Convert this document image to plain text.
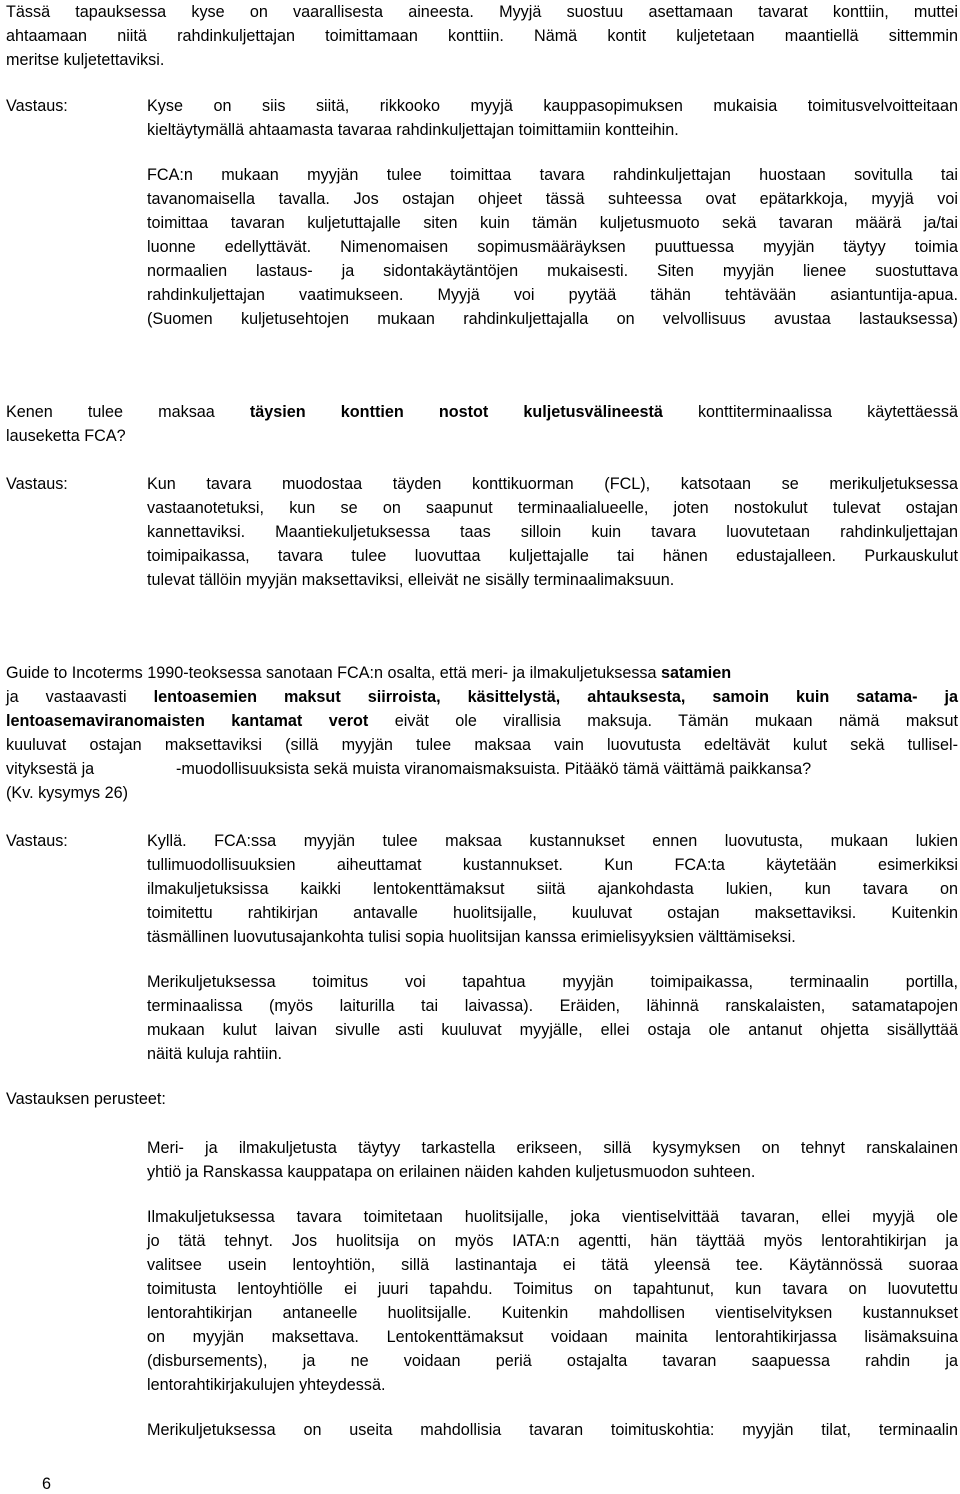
Tässä tapauksessa kyse on vaarallisesta aineesta. Myyjä suostuu asettamaan tavarat konttiin, muttei
ahtaamaan niitä rahdinkuljettajan toimittamaan konttiin. Nämä kontit kuljetetaan maantiellä sittemmin
meritse kuljetettaviksi.
Vastaus:	Kyse on siis siitä, rikkooko myyjä kauppasopimuksen mukaisia toimitusvelvoitteitaan
kieltäytymällä ahtaamasta tavaraa rahdinkuljettajan toimittamiin kontteihin.
FCA:n mukaan myyjän tulee toimittaa tavara rahdinkuljettajan huostaan sovitulla tai
tavanomaisella tavalla. Jos ostajan ohjeet tässä suhteessa ovat epätarkkoja, myyjä voi
toimittaa tavaran kuljetuttajalle siten kuin tämän kuljetusmuoto sekä tavaran määrä ja/tai
luonne edellyttävät. Nimenomaisen sopimusmääräyksen puuttuessa myyjän täytyy toimia
normaalien lastaus- ja sidontakäytäntöjen mukaisesti. Siten myyjän lienee suostuttava
rahdinkuljettajan vaatimukseen. Myyjä voi pyytää tähän tehtävään asiantuntija-apua.
(Suomen kuljetusehtojen mukaan rahdinkuljettajalla on velvollisuus avustaa lastauksessa)
Kenen tulee maksaa täysien konttien nostot kuljetusvälineestä konttiterminaalissa käytettäessä
lauseketta FCA?
Vastaus:	Kun tavara muodostaa täyden konttikuorman (FCL), katsotaan se merikuljetuksessa
vastaanotetuksi, kun se on saapunut terminaalialueelle, joten nostokulut tulevat ostajan
kannettaviksi. Maantiekuljetuksessa taas silloin kuin tavara luovutetaan rahdinkuljettajan
toimipaikassa, tavara tulee luovuttaa kuljettajalle tai hänen edustajalleen. Purkauskulut
tulevat tällöin myyjän maksettaviksi, elleivät ne sisälly terminaalimaksuun.
Guide to Incoterms 1990-teoksessa sanotaan FCA:n osalta, että meri- ja ilmakuljetuksessa satamien
ja vastaavasti lentoasemien maksut siirroista, käsittelystä, ahtauksesta, samoin kuin satama- ja
lentoasemaviranomaisten kantamat verot eivät ole virallisia maksuja. Tämän mukaan nämä maksut
kuuluvat ostajan maksettaviksi (sillä myyjän tulee maksaa vain luovutusta edeltävät kulut sekä tullisel-
vityksestä ja	-muodollisuuksista sekä muista viranomaismaksuista. Pitääkö tämä väittämä paikkansa?
(Kv. kysymys 26)
Vastaus:	Kyllä. FCA:ssa myyjän tulee maksaa kustannukset ennen luovutusta, mukaan lukien
tullimuodollisuuksien aiheuttamat kustannukset. Kun FCA:ta käytetään esimerkiksi
ilmakuljetuksissa kaikki lentokenttämaksut siitä ajankohdasta lukien, kun tavara on
toimitettu rahtikirjan antavalle huolitsijalle, kuuluvat ostajan maksettaviksi. Kuitenkin
täsmällinen luovutusajankohta tulisi sopia huolitsijan kanssa erimielisyyksien välttämiseksi.
Merikuljetuksessa toimitus voi tapahtua myyjän toimipaikassa, terminaalin portilla,
terminaalissa (myös laiturilla tai laivassa). Eräiden, lähinnä ranskalaisten, satamatapojen
mukaan kulut laivan sivulle asti kuuluvat myyjälle, ellei ostaja ole antanut ohjetta sisällyttää
näitä kuluja rahtiin.
Vastauksen perusteet:
Meri- ja ilmakuljetusta täytyy tarkastella erikseen, sillä kysymyksen on tehnyt ranskalainen
yhtiö ja Ranskassa kauppatapa on erilainen näiden kahden kuljetusmuodon suhteen.
Ilmakuljetuksessa tavara toimitetaan huolitsijalle, joka vientiselvittää tavaran, ellei myyjä ole
jo tätä tehnyt. Jos huolitsija on myös IATA:n agentti, hän täyttää myös lentorahtikirjan ja
valitsee usein lentoyhtiön, sillä lastinantaja ei tätä yleensä tee. Käytännössä suoraa
toimitusta lentoyhtiölle ei juuri tapahdu. Toimitus on tapahtunut, kun tavara on luovutettu
lentorahtikirjan antaneelle huolitsijalle. Kuitenkin mahdollisen vientiselvityksen kustannukset
on myyjän maksettava. Lentokenttämaksut voidaan mainita lentorahtikirjassa lisämaksuina
(disbursements), ja ne voidaan periä ostajalta tavaran saapuessa rahdin ja
lentorahtikirjakulujen yhteydessä.
Merikuljetuksessa on useita mahdollisia tavaran toimituskohtia: myyjän tilat, terminaalin
6
